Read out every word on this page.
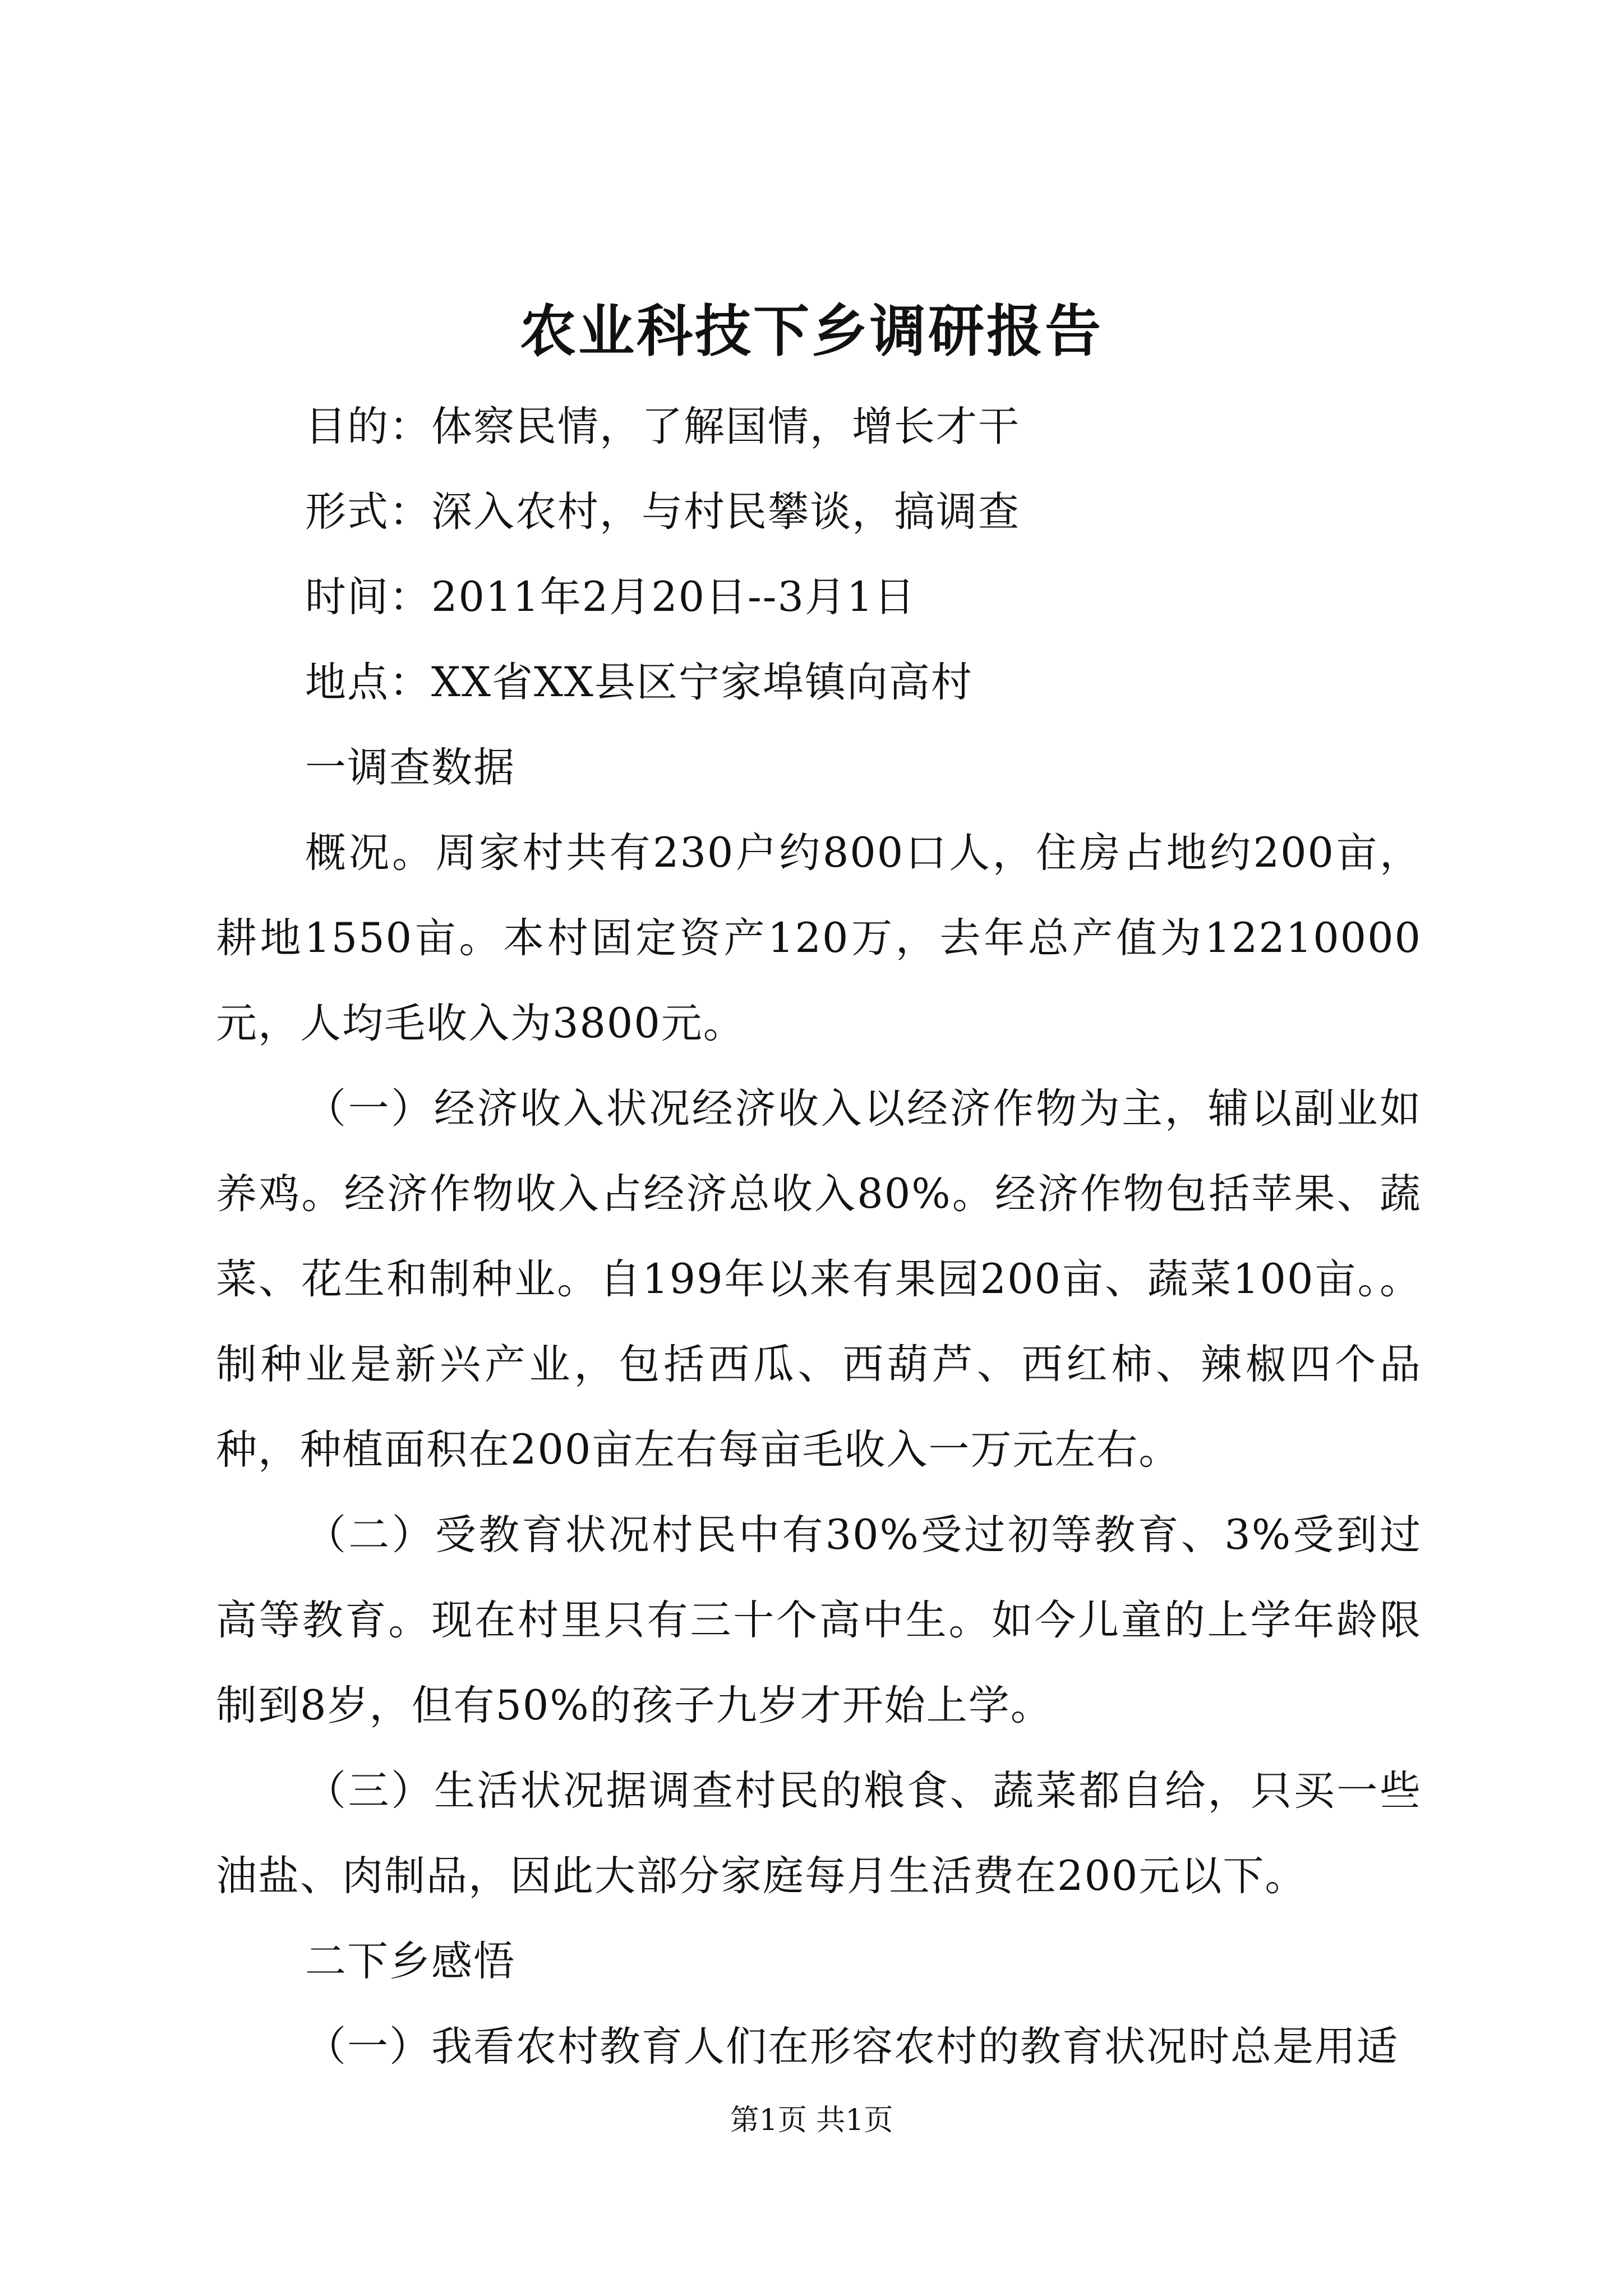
农业科技下乡调研报告

目的：体察民情，了解国情，增长才干

形式：深入农村，与村民攀谈，搞调查

时间：2011年2月20日--3月1日

地点：XX省XX县区宁家埠镇向高村

一调查数据

概况。周家村共有230户约800口人，住房占地约200亩，耕地1550亩。本村固定资产120万，去年总产值为12210000元，人均毛收入为3800元。

（一）经济收入状况经济收入以经济作物为主，辅以副业如养鸡。经济作物收入占经济总收入80%。经济作物包括苹果、蔬菜、花生和制种业。自199年以来有果园200亩、蔬菜100亩。。制种业是新兴产业，包括西瓜、西葫芦、西红柿、辣椒四个品种，种植面积在200亩左右每亩毛收入一万元左右。

（二）受教育状况村民中有30%受过初等教育、3%受到过高等教育。现在村里只有三十个高中生。如今儿童的上学年龄限制到8岁，但有50%的孩子九岁才开始上学。

（三）生活状况据调查村民的粮食、蔬菜都自给，只买一些油盐、肉制品，因此大部分家庭每月生活费在200元以下。

二下乡感悟

（一）我看农村教育人们在形容农村的教育状况时总是用适

第1页 共1页
